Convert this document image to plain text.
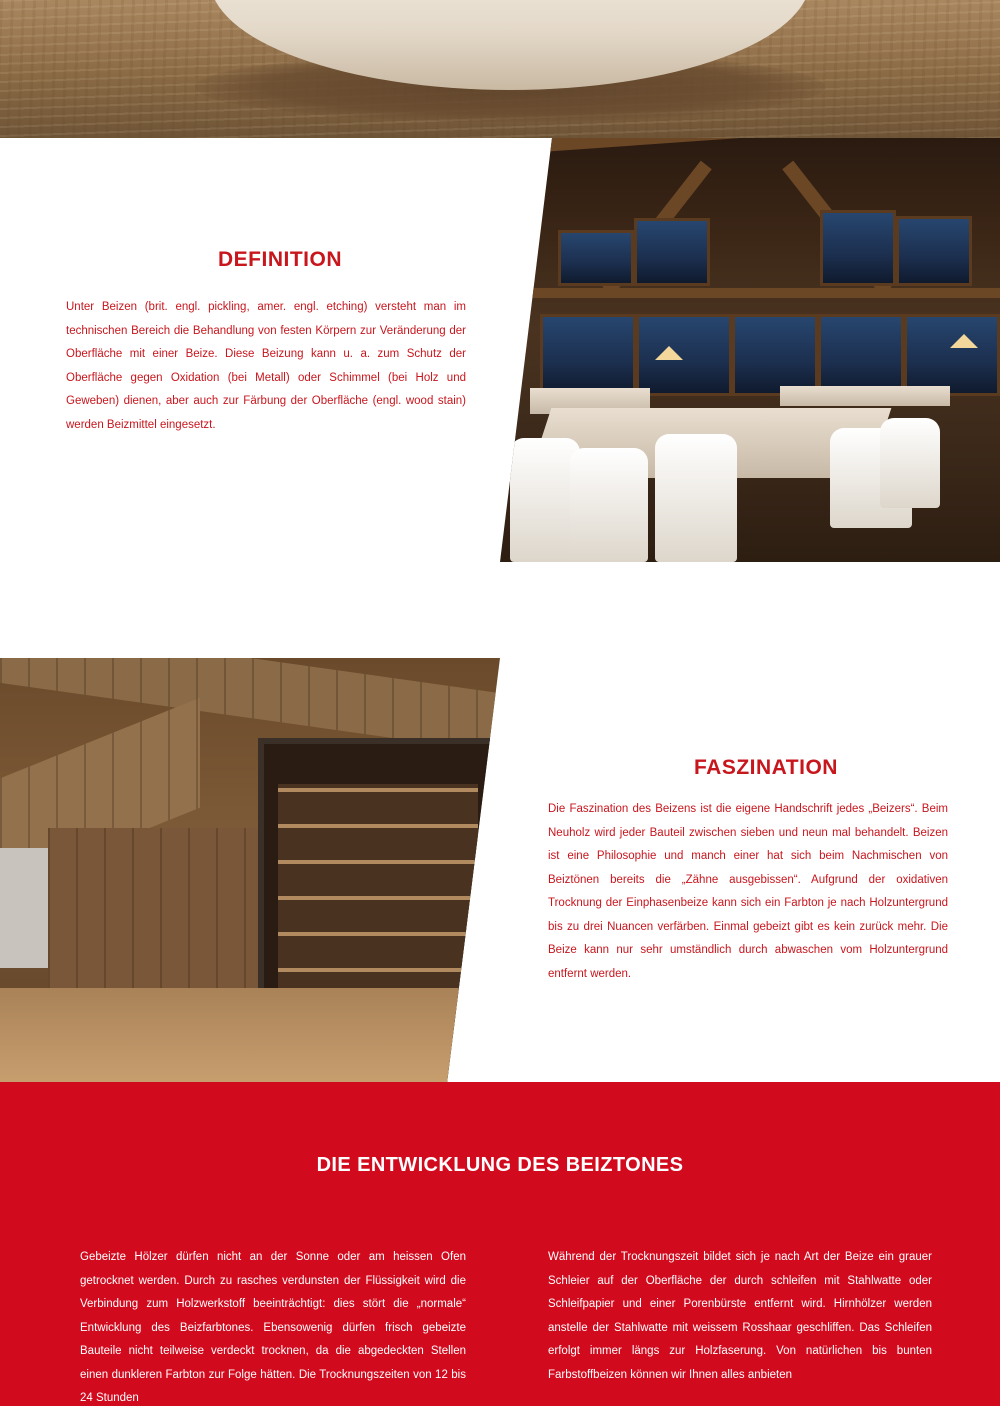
DEFINITION

Unter Beizen (brit. engl. pickling, amer. engl. etching) versteht man im technischen Bereich die Behandlung von festen Körpern zur Veränderung der Oberfläche mit einer Beize. Diese Beizung kann u. a. zum Schutz der Oberfläche gegen Oxidation (bei Metall) oder Schimmel (bei Holz und Geweben) dienen, aber auch zur Färbung der Oberfläche (engl. wood stain) werden Beizmittel eingesetzt.

FASZINATION

Die Faszination des Beizens ist die eigene Handschrift jedes „Beizers“. Beim Neuholz wird jeder Bauteil zwischen sieben und neun mal behandelt. Beizen ist eine Philosophie und manch einer hat sich beim Nachmischen von Beiztönen bereits die „Zähne ausgebissen“. Aufgrund der oxidativen Trocknung der Einphasenbeize kann sich ein Farbton je nach Holzuntergrund bis zu drei Nuancen verfärben. Einmal gebeizt gibt es kein zurück mehr. Die Beize kann nur sehr umständlich durch abwaschen vom Holzuntergrund entfernt werden.

DIE ENTWICKLUNG DES BEIZTONES

Gebeizte Hölzer dürfen nicht an der Sonne oder am heissen Ofen getrocknet werden. Durch zu rasches verdunsten der Flüssigkeit wird die Verbindung zum Holzwerkstoff beeinträchtigt: dies stört die „normale“ Entwicklung des Beizfarbtones. Ebensowenig dürfen frisch gebeizte Bauteile nicht teilweise verdeckt trocknen, da die abgedeckten Stellen einen dunkleren Farbton zur Folge hätten. Die Trocknungszeiten von 12 bis 24 Stunden

Während der Trocknungszeit bildet sich je nach Art der Beize ein grauer Schleier auf der Oberfläche der durch schleifen mit Stahlwatte oder Schleifpapier und einer Porenbürste entfernt wird. Hirnhölzer werden anstelle der Stahlwatte mit weissem Rosshaar geschliffen. Das Schleifen erfolgt immer längs zur Holzfaserung. Von natürlichen bis bunten Farbstoffbeizen können wir Ihnen alles anbieten
